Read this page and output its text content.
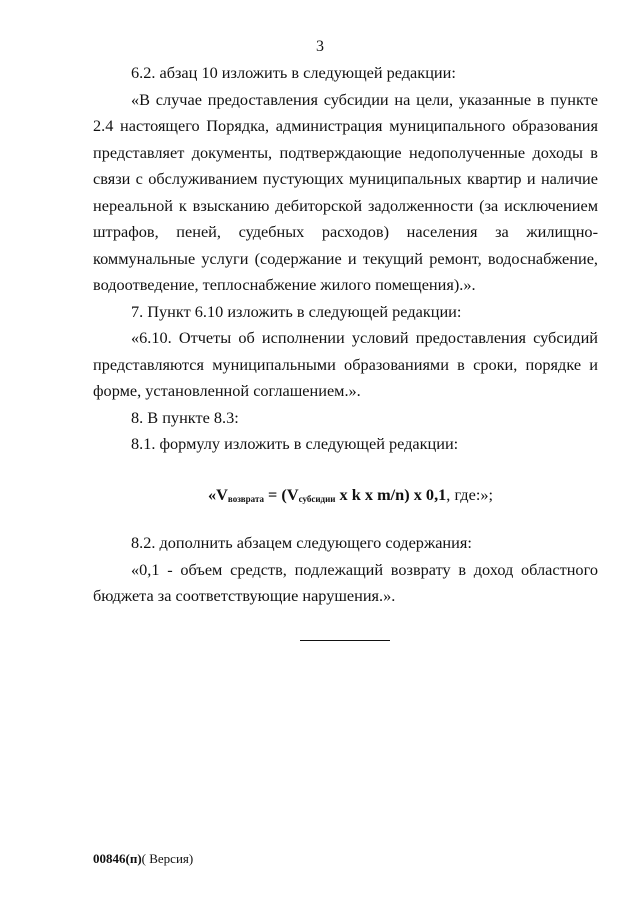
3

6.2. абзац 10 изложить в следующей редакции:

«В случае предоставления субсидии на цели, указанные в пункте 2.4 настоящего Порядка, администрация муниципального образования представляет документы, подтверждающие недополученные доходы в связи с обслуживанием пустующих муниципальных квартир и наличие нереальной к взысканию дебиторской задолженности (за исключением штрафов, пеней, судебных расходов) населения за жилищно-коммунальные услуги (содержание и текущий ремонт, водоснабжение, водоотведение, теплоснабжение жилого помещения).».

7. Пункт 6.10 изложить в следующей редакции:

«6.10. Отчеты об исполнении условий предоставления субсидий представляются муниципальными образованиями в сроки, порядке и форме, установленной соглашением.».

8. В пункте 8.3:

8.1. формулу изложить в следующей редакции:

«$V_{возврата} = (V_{субсидии}$ x k x m/n) x 0,1, где:»;

8.2. дополнить абзацем следующего содержания:

«0,1 - объем средств, подлежащий возврату в доход областного бюджета за соответствующие нарушения.».

00846(п)( Версия)
